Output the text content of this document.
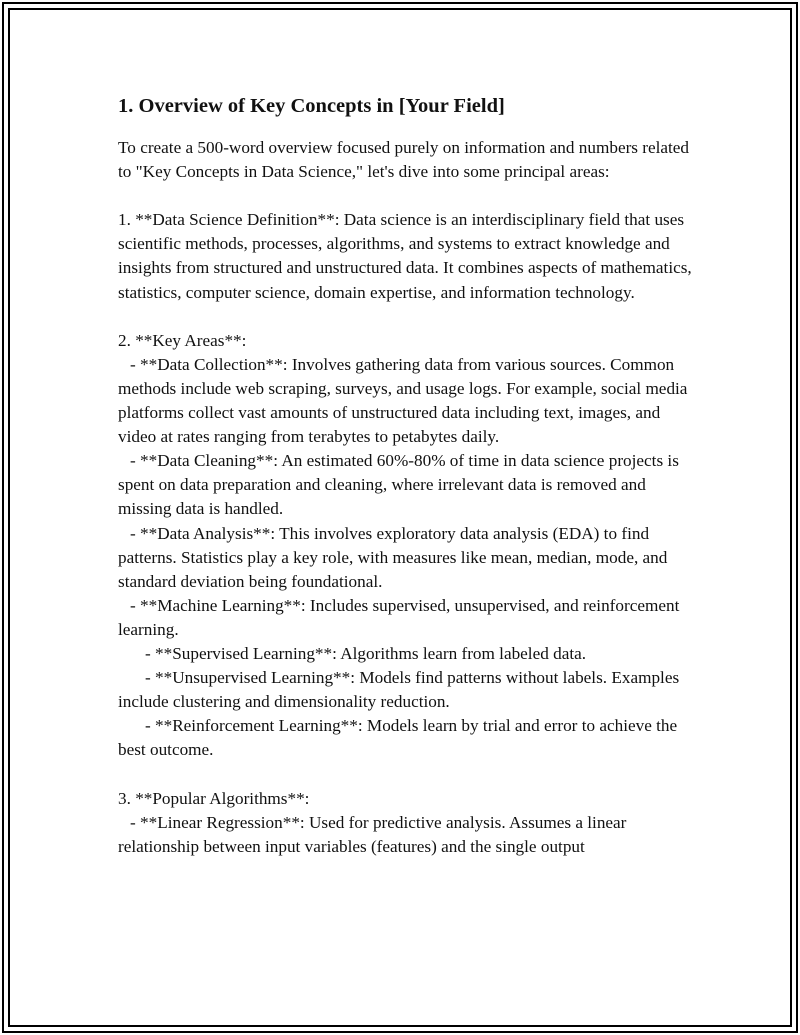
1. Overview of Key Concepts in [Your Field]

To create a 500-word overview focused purely on information and numbers related to "Key Concepts in Data Science," let's dive into some principal areas:

1. **Data Science Definition**: Data science is an interdisciplinary field that uses scientific methods, processes, algorithms, and systems to extract knowledge and insights from structured and unstructured data. It combines aspects of mathematics, statistics, computer science, domain expertise, and information technology.

2. **Key Areas**:

- **Data Collection**: Involves gathering data from various sources. Common methods include web scraping, surveys, and usage logs. For example, social media platforms collect vast amounts of unstructured data including text, images, and video at rates ranging from terabytes to petabytes daily.

- **Data Cleaning**: An estimated 60%-80% of time in data science projects is spent on data preparation and cleaning, where irrelevant data is removed and missing data is handled.

- **Data Analysis**: This involves exploratory data analysis (EDA) to find patterns. Statistics play a key role, with measures like mean, median, mode, and standard deviation being foundational.

- **Machine Learning**: Includes supervised, unsupervised, and reinforcement learning.

- **Supervised Learning**: Algorithms learn from labeled data.

- **Unsupervised Learning**: Models find patterns without labels. Examples include clustering and dimensionality reduction.

- **Reinforcement Learning**: Models learn by trial and error to achieve the best outcome.

3. **Popular Algorithms**:

- **Linear Regression**: Used for predictive analysis. Assumes a linear relationship between input variables (features) and the single output
